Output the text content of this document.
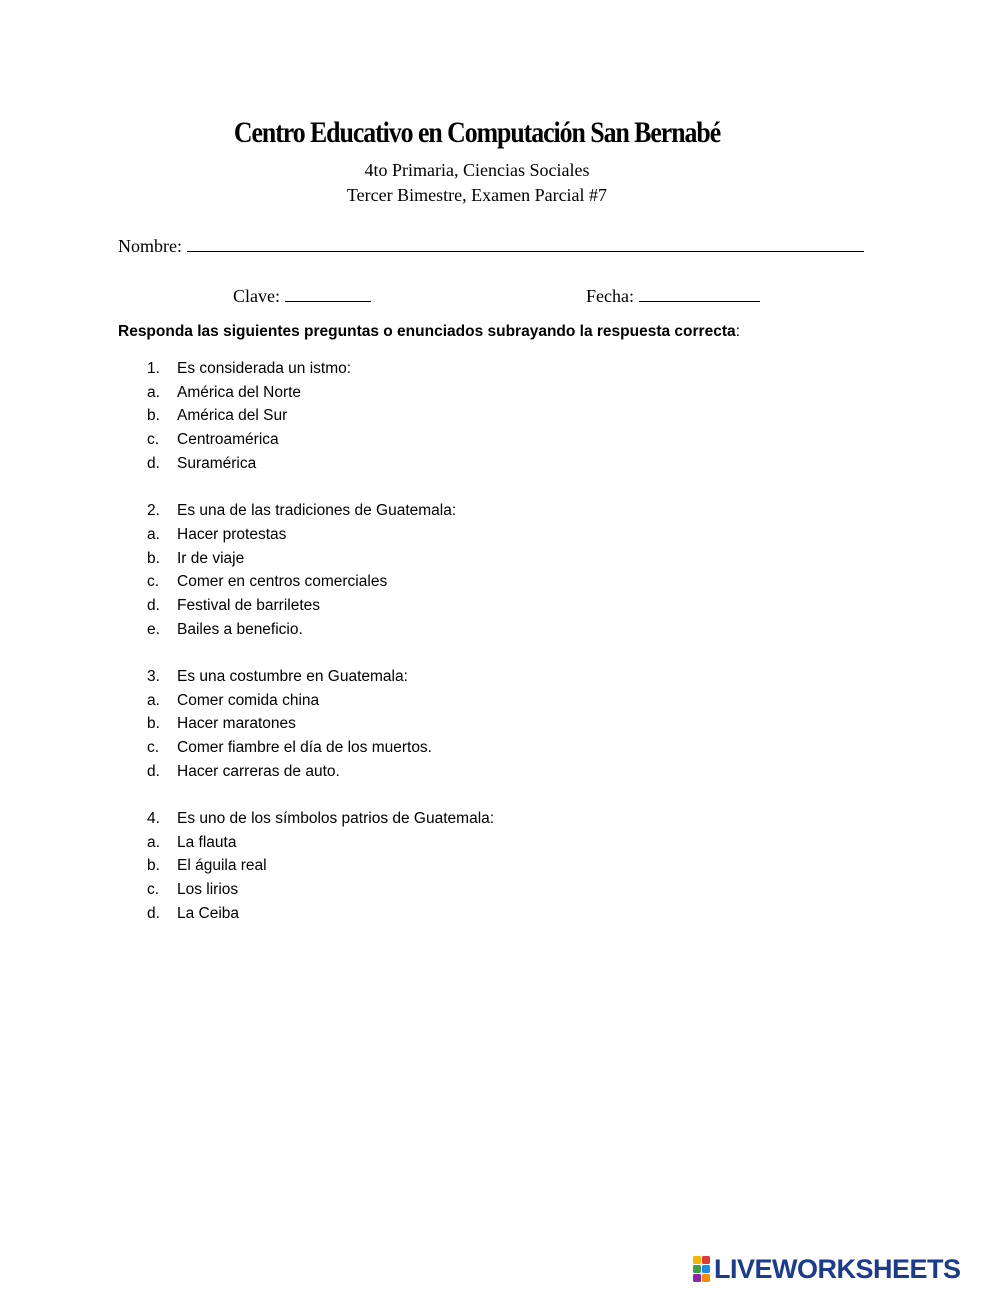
Centro Educativo en Computación San Bernabé
4to Primaria, Ciencias Sociales
Tercer Bimestre, Examen Parcial #7
Nombre:
Clave:	Fecha:
Responda las siguientes preguntas o enunciados subrayando la respuesta correcta:
1. Es considerada un istmo:
a. América del Norte
b. América del Sur
c. Centroamérica
d. Suramérica
2. Es una de las tradiciones de Guatemala:
a. Hacer protestas
b. Ir de viaje
c. Comer en centros comerciales
d. Festival de barriletes
e. Bailes a beneficio.
3. Es una costumbre en Guatemala:
a. Comer comida china
b. Hacer maratones
c. Comer fiambre el día de los muertos.
d. Hacer carreras de auto.
4. Es uno de los símbolos patrios de Guatemala:
a. La flauta
b. El águila real
c. Los lirios
d. La Ceiba
LIVEWORKSHEETS
